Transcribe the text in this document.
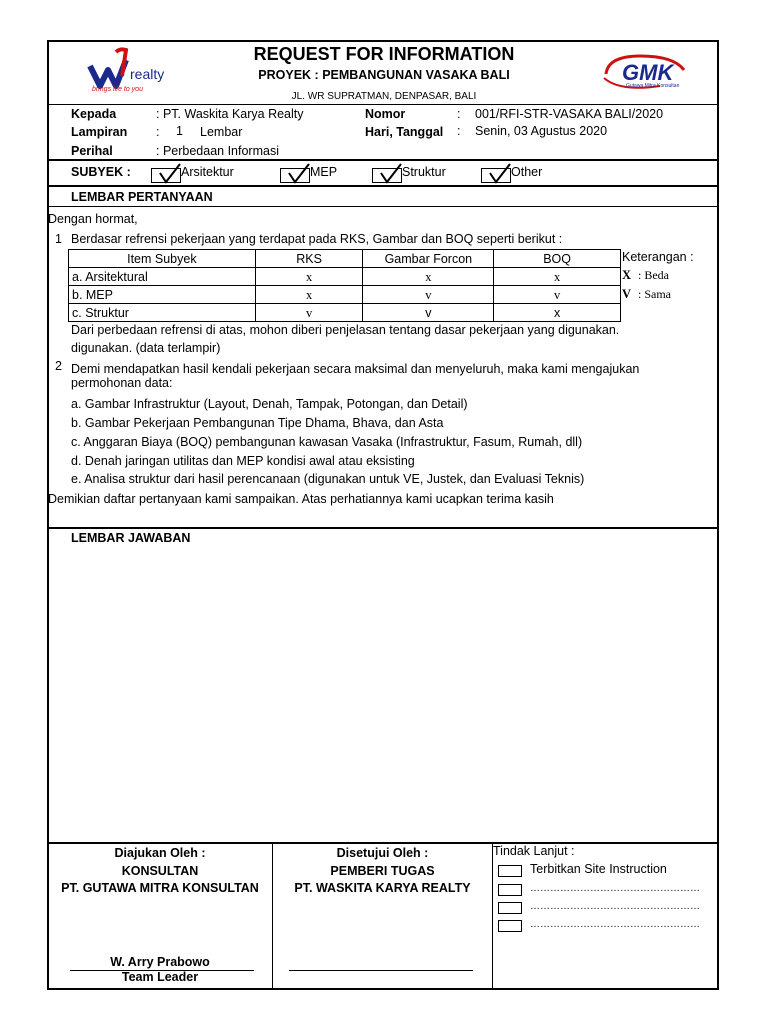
realty
brings life to you
REQUEST FOR INFORMATION
PROYEK : PEMBANGUNAN VASAKA BALI
JL. WR SUPRATMAN, DENPASAR, BALI
GMK
Gutawa Mitra Konsultan
Kepada	: PT. Waskita Karya Realty	Nomor	: 001/RFI-STR-VASAKA BALI/2020
Lampiran : 1 Lembar	Hari, Tanggal : Senin, 03 Agustus 2020
Perihal	: Perbedaan Informasi
SUBYEK :	Arsitektur	MEP	Struktur	Other
LEMBAR PERTANYAAN
Dengan hormat,
1 Berdasar refrensi pekerjaan yang terdapat pada RKS, Gambar dan BOQ seperti berikut :
Item Subyek	RKS	Gambar Forcon	BOQ
a. Arsitektural	x	x	x
b. MEP	x	v	v
c. Struktur	v	v	x
Keterangan :
X : Beda
V : Sama
Dari perbedaan refrensi di atas, mohon diberi penjelasan tentang dasar pekerjaan yang digunakan.
digunakan. (data terlampir)
2 Demi mendapatkan hasil kendali pekerjaan secara maksimal dan menyeluruh, maka kami mengajukan
permohonan data:
a. Gambar Infrastruktur (Layout, Denah, Tampak, Potongan, dan Detail)
b. Gambar Pekerjaan Pembangunan Tipe Dhama, Bhava, dan Asta
c. Anggaran Biaya (BOQ) pembangunan kawasan Vasaka (Infrastruktur, Fasum, Rumah, dll)
d. Denah jaringan utilitas dan MEP kondisi awal atau eksisting
e. Analisa struktur dari hasil perencanaan (digunakan untuk VE, Justek, dan Evaluasi Teknis)
Demikian daftar pertanyaan kami sampaikan. Atas perhatiannya kami ucapkan terima kasih
LEMBAR JAWABAN
Diajukan Oleh :
KONSULTAN
PT. GUTAWA MITRA KONSULTAN
W. Arry Prabowo
Team Leader
Disetujui Oleh :
PEMBERI TUGAS
PT. WASKITA KARYA REALTY
Tindak Lanjut :
Terbitkan Site Instruction
……………………………………………
……………………………………………
……………………………………………
